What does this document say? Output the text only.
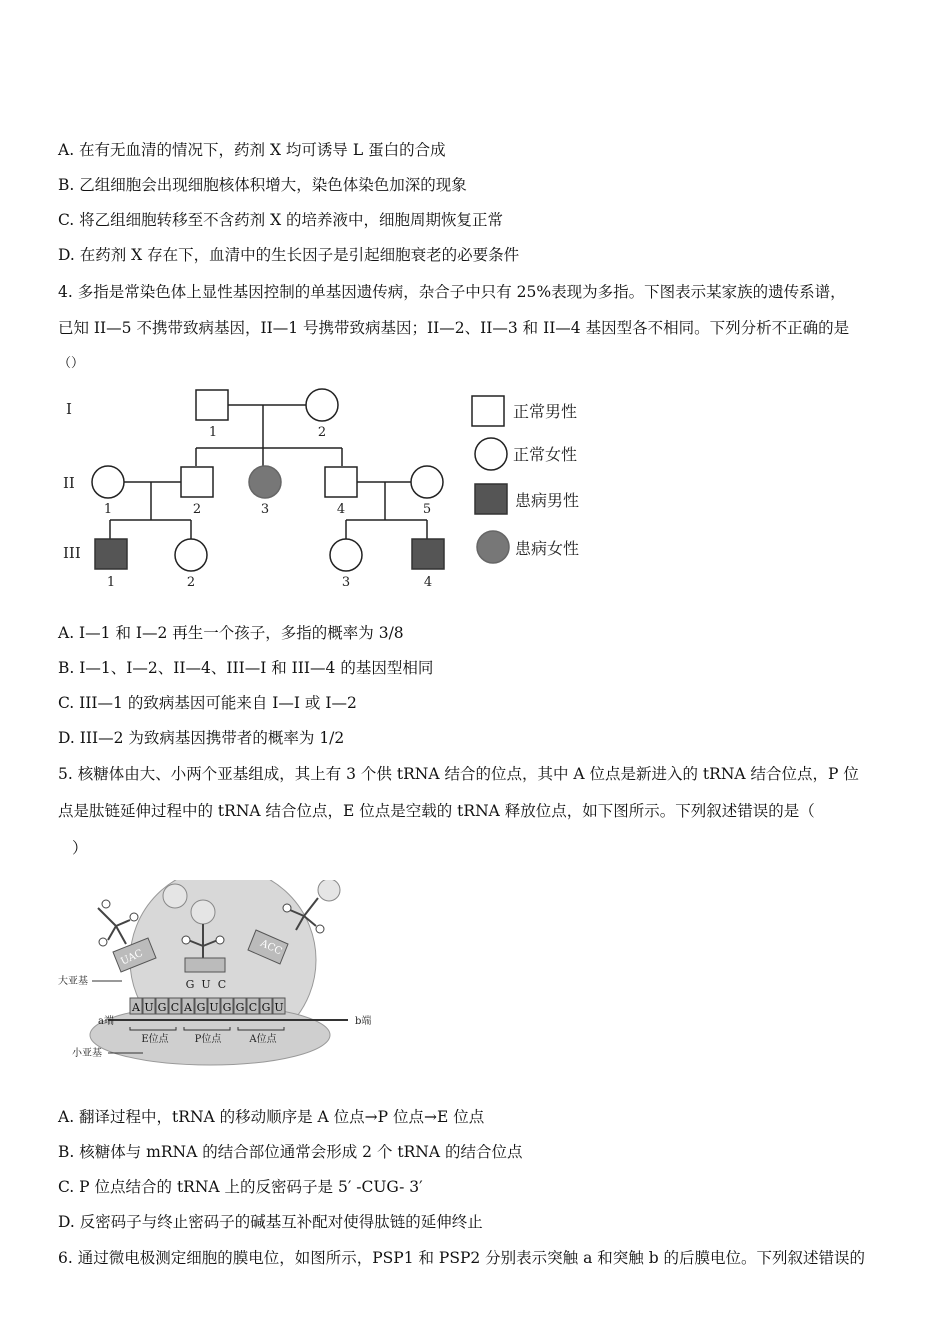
A. 在有无血清的情况下，药剂 X 均可诱导 L 蛋白的合成
B. 乙组细胞会出现细胞核体积增大，染色体染色加深的现象
C. 将乙组细胞转移至不含药剂 X 的培养液中，细胞周期恢复正常
D. 在药剂 X 存在下，血清中的生长因子是引起细胞衰老的必要条件
4. 多指是常染色体上显性基因控制的单基因遗传病，杂合子中只有 25%表现为多指。下图表示某家族的遗传系谱，
已知 II—5 不携带致病基因，II—1 号携带致病基因；II—2、II—3 和 II—4 基因型各不相同。下列分析不正确的是
（）
I
II
III
1	2
1	2	3	4	5
1	2	3	4
正常男性
正常女性
患病男性
患病女性
A. I—1 和 I—2 再生一个孩子，多指的概率为 3/8
B. I—1、I—2、II—4、III—I 和 III—4 的基因型相同
C. III—1 的致病基因可能来自 I—I 或 I—2
D. III—2 为致病基因携带者的概率为 1/2
5. 核糖体由大、小两个亚基组成，其上有 3 个供 tRNA 结合的位点，其中 A 位点是新进入的 tRNA 结合位点，P 位
点是肽链延伸过程中的 tRNA 结合位点，E 位点是空载的 tRNA 释放位点，如下图所示。下列叙述错误的是（
）
A U G C A G U G G C G U
UAC
G U C
ACC
E位点	P位点	A位点
大亚基
a端	b端
小亚基
A. 翻译过程中，tRNA 的移动顺序是 A 位点→P 位点→E 位点
B. 核糖体与 mRNA 的结合部位通常会形成 2 个 tRNA 的结合位点
C. P 位点结合的 tRNA 上的反密码子是 5′ -CUG- 3′
D. 反密码子与终止密码子的碱基互补配对使得肽链的延伸终止
6. 通过微电极测定细胞的膜电位，如图所示，PSP1 和 PSP2 分别表示突触 a 和突触 b 的后膜电位。下列叙述错误的
